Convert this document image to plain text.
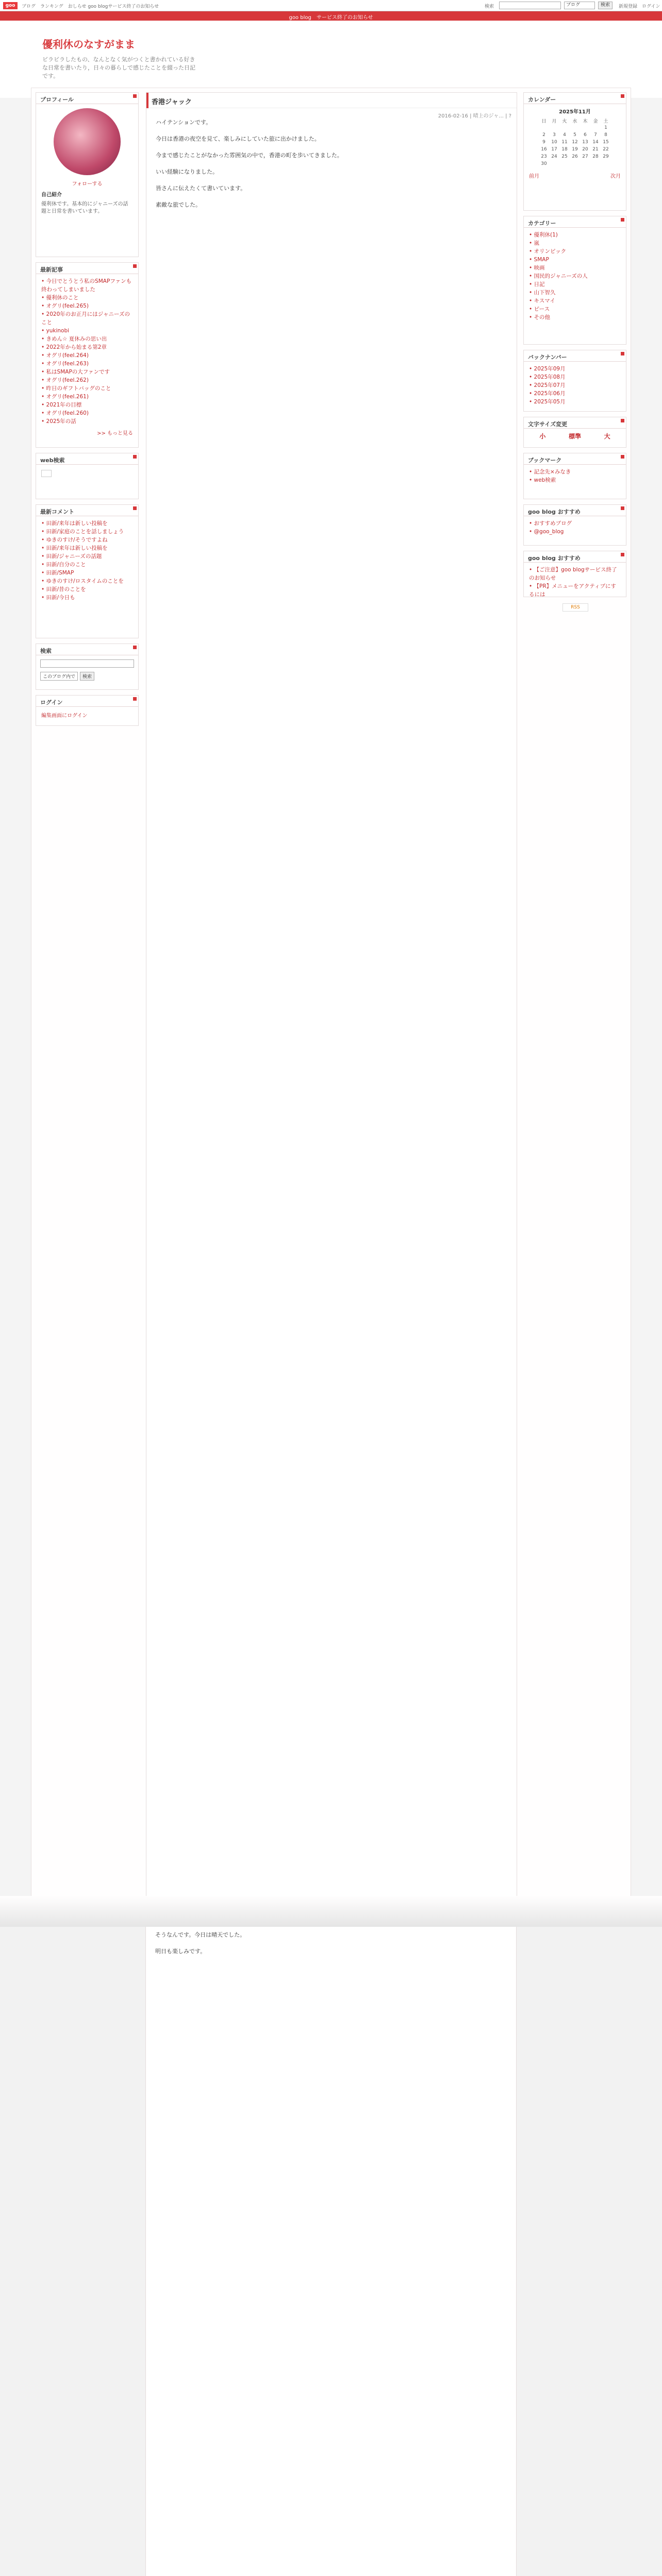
goo	ブログ　ランキング　おしらせ goo blogサービス終了のお知らせ	検索	ブログ	検索	新規登録　ログイン
goo blog　サービス終了のお知らせ
優利休のなすがまま
ビラビラしたもの、なんとなく気がつくと書かれている好きな日常を書いたり，日々の暮らしで感じたことを綴った日記です。
プロフィール
フォローする
自己紹介
優利休です。基本的にジャニーズの話題と日常を書いています。
最新記事
• 今日でとうとう私のSMAPファンも終わってしまいました
• 優利休のこと
• オグリ(feel.265)
• 2020年のお正月にはジャニーズのこと
• yukinobi
• きめん☆ 夏休みの思い出
• 2022年から始まる第2章
• オグリ(feel.264)
• オグリ(feel.263)
• 私はSMAPの大ファンです
• オグリ(feel.262)
• 昨日のギフトバッグのこと
• オグリ(feel.261)
• 2021年の目標
• オグリ(feel.260)
• 2025年の話
>> もっと見る
web検索
最新コメント
• 田新/来年は新しい投稿を
• 田新/家庭のことを話しましょう
• ゆきのすけ/そうですよね
• 田新/来年は新しい投稿を
• 田新/ジャニーズの話題
• 田新/自分のこと
• 田新/SMAP
• ゆきのすけ/ロスタイムのことを
• 田新/昔のことを
• 田新/今日も
検索
このブログ内で	検索
ログイン
編集画面にログイン
香港ジャック
2016-02-16 | 晴上のジャ... | ?

ハイテンションです。

今日は香港の夜空を見て、楽しみにしていた旅に出かけました。

今まで感じたことがなかった雰囲気の中で，香港の町を歩いてきました。

いい経験になりました。

皆さんに伝えたくて書いています。

素敵な旅でした。

カレンダー
2025年11月
日	月	火	水	木	金	土
						1
2	3	4	5	6	7	8
9	10	11	12	13	14	15
16	17	18	19	20	21	22
23	24	25	26	27	28	29
30						
前月	次月
カテゴリー
• 優利休(1)
• 嵐
• オリンピック
• SMAP
• 映画
• 国民的ジャニーズの人
• 日記
• 山下智久
• キスマイ
• ピース
• その他
バックナンバー
• 2025年09月
• 2025年08月
• 2025年07月
• 2025年06月
• 2025年05月
文字サイズ変更
小	標準	大
ブックマーク
• 記念先×みなき
• web検索
goo blog おすすめ
• おすすめブログ
• @goo_blog
goo blog おすすめ
• 【ご注意】goo blogサービス終了のお知らせ
• 【PR】メニューをアクティブにするには
RSS

そうなんです。今日は晴天でした。

明日も楽しみです。
